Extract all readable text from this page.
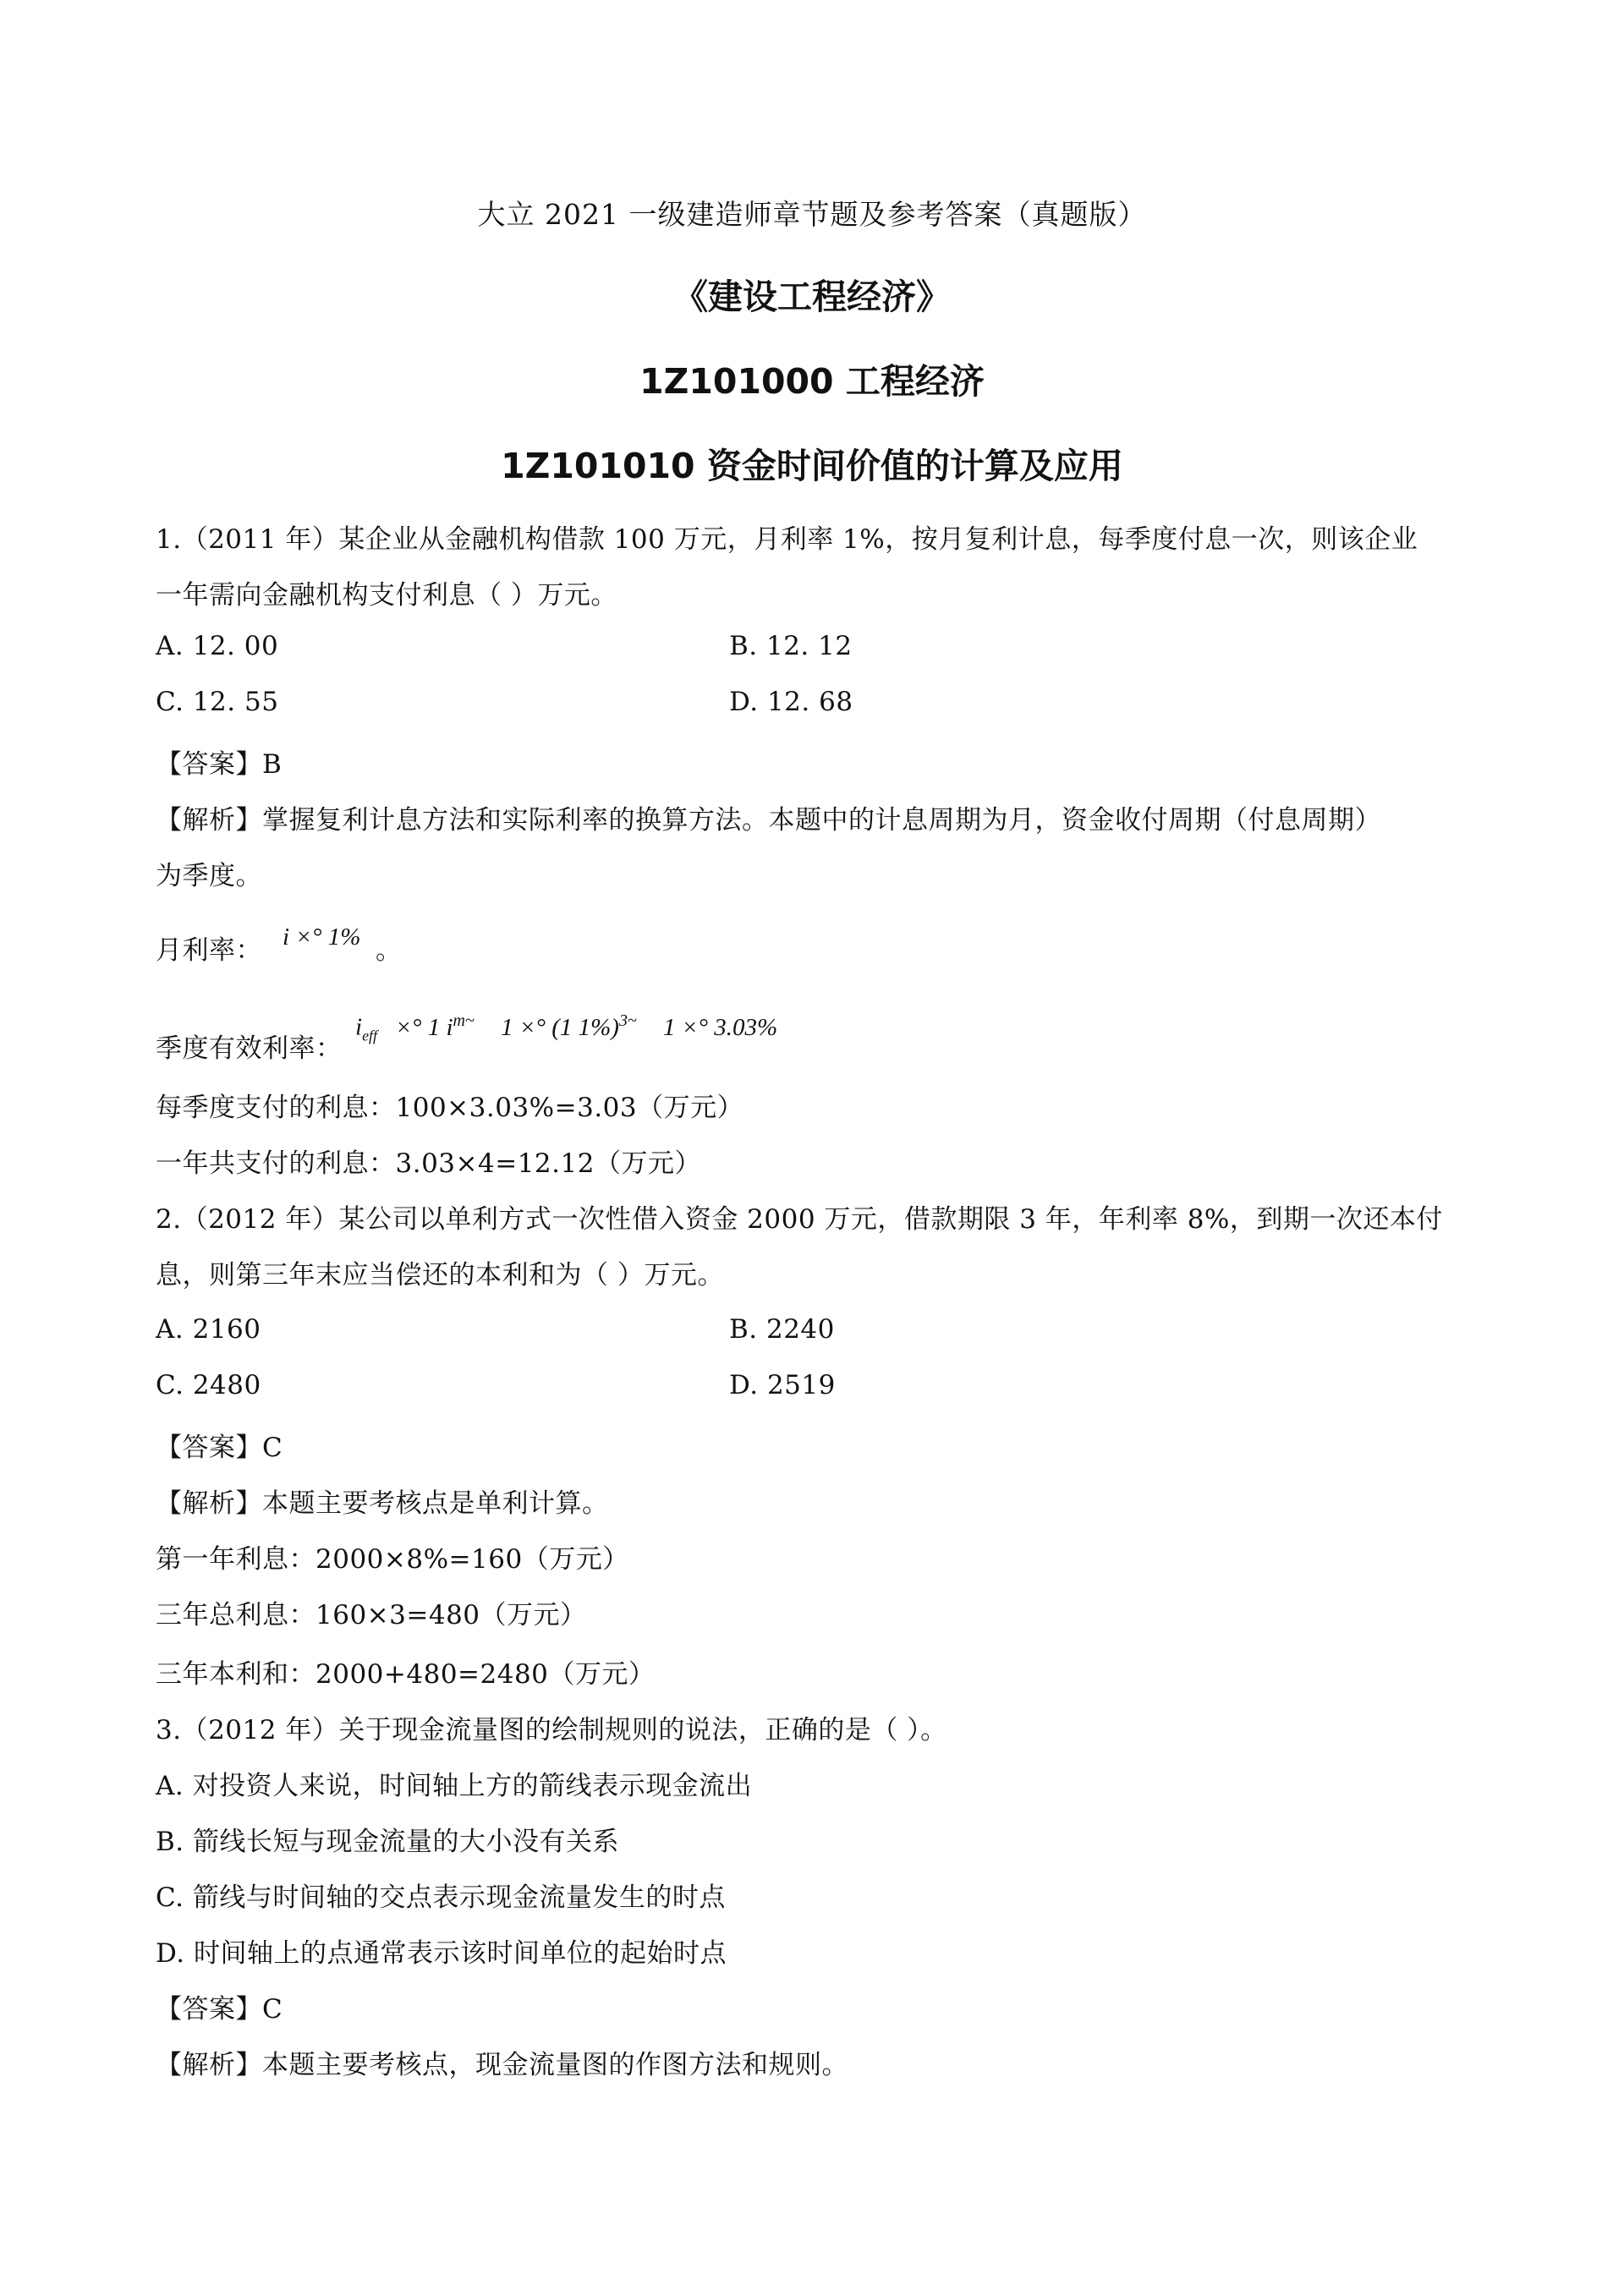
大立 2021 一级建造师章节题及参考答案（真题版）
《建设工程经济》
1Z101000 工程经济
1Z101010 资金时间价值的计算及应用
1.（2011 年）某企业从金融机构借款 100 万元，月利率 1%，按月复利计息，每季度付息一次，则该企业
一年需向金融机构支付利息（ ）万元。
A. 12. 00	B. 12. 12
C. 12. 55	D. 12. 68
【答案】B
【解析】掌握复利计息方法和实际利率的换算方法。本题中的计息周期为月，资金收付周期（付息周期）
为季度。
月利率： i ×° 1% 。
季度有效利率：
$i_{eff}$ ×° 1 $i^{m\sim}$ 1 ×° (1 1%)$^{3\sim}$ 1 ×° 3.03%
每季度支付的利息：100×3.03%=3.03（万元）
一年共支付的利息：3.03×4=12.12（万元）
2.（2012 年）某公司以单利方式一次性借入资金 2000 万元，借款期限 3 年，年利率 8%，到期一次还本付
息，则第三年末应当偿还的本利和为（ ）万元。
A. 2160	B. 2240
C. 2480	D. 2519
【答案】C
【解析】本题主要考核点是单利计算。
第一年利息：2000×8%=160（万元）
三年总利息：160×3=480（万元）
三年本利和：2000+480=2480（万元）
3.（2012 年）关于现金流量图的绘制规则的说法，正确的是（ ）。
A. 对投资人来说，时间轴上方的箭线表示现金流出
B. 箭线长短与现金流量的大小没有关系
C. 箭线与时间轴的交点表示现金流量发生的时点
D. 时间轴上的点通常表示该时间单位的起始时点
【答案】C
【解析】本题主要考核点，现金流量图的作图方法和规则。
